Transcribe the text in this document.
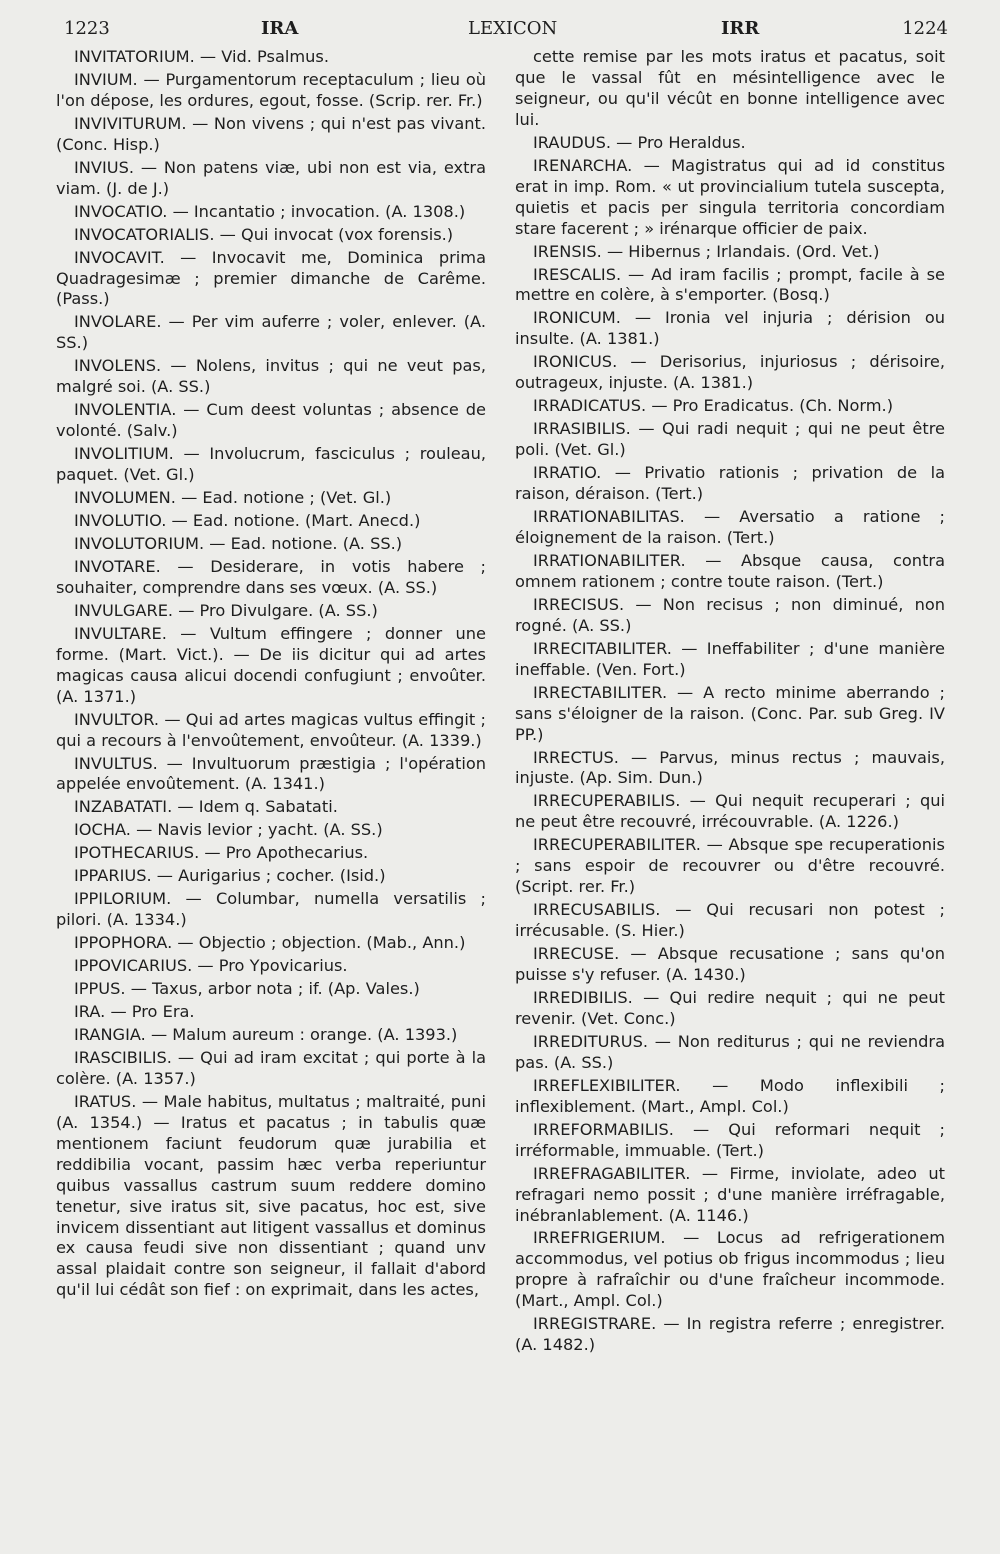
1223	IRA	LEXICON	IRR	1224

INVITATORIUM. — Vid. Psalmus.

INVIUM. — Purgamentorum receptaculum ; lieu où l'on dépose, les ordures, egout, fosse. (Scrip. rer. Fr.)

INVIVITURUM. — Non vivens ; qui n'est pas vivant. (Conc. Hisp.)

INVIUS. — Non patens viæ, ubi non est via, extra viam. (J. de J.)

INVOCATIO. — Incantatio ; invocation. (A. 1308.)

INVOCATORIALIS. — Qui invocat (vox forensis.)

INVOCAVIT. — Invocavit me, Dominica prima Quadragesimæ ; premier dimanche de Carême. (Pass.)

INVOLARE. — Per vim auferre ; voler, enlever. (A. SS.)

INVOLENS. — Nolens, invitus ; qui ne veut pas, malgré soi. (A. SS.)

INVOLENTIA. — Cum deest voluntas ; absence de volonté. (Salv.)

INVOLITIUM. — Involucrum, fasciculus ; rouleau, paquet. (Vet. Gl.)

INVOLUMEN. — Ead. notione ; (Vet. Gl.)

INVOLUTIO. — Ead. notione. (Mart. Anecd.)

INVOLUTORIUM. — Ead. notione. (A. SS.)

INVOTARE. — Desiderare, in votis habere ; souhaiter, comprendre dans ses vœux. (A. SS.)

INVULGARE. — Pro Divulgare. (A. SS.)

INVULTARE. — Vultum effingere ; donner une forme. (Mart. Vict.). — De iis dicitur qui ad artes magicas causa alicui docendi confugiunt ; envoûter. (A. 1371.)

INVULTOR. — Qui ad artes magicas vultus effingit ; qui a recours à l'envoûtement, envoûteur. (A. 1339.)

INVULTUS. — Invultuorum præstigia ; l'opération appelée envoûtement. (A. 1341.)

INZABATATI. — Idem q. Sabatati.

IOCHA. — Navis levior ; yacht. (A. SS.)

IPOTHECARIUS. — Pro Apothecarius.

IPPARIUS. — Aurigarius ; cocher. (Isid.)

IPPILORIUM. — Columbar, numella versatilis ; pilori. (A. 1334.)

IPPOPHORA. — Objectio ; objection. (Mab., Ann.)

IPPOVICARIUS. — Pro Ypovicarius.

IPPUS. — Taxus, arbor nota ; if. (Ap. Vales.)

IRA. — Pro Era.

IRANGIA. — Malum aureum : orange. (A. 1393.)

IRASCIBILIS. — Qui ad iram excitat ; qui porte à la colère. (A. 1357.)

IRATUS. — Male habitus, multatus ; maltraité, puni (A. 1354.) — Iratus et pacatus ; in tabulis quæ mentionem faciunt feudorum quæ jurabilia et reddibilia vocant, passim hæc verba reperiuntur quibus vassallus castrum suum reddere domino tenetur, sive iratus sit, sive pacatus, hoc est, sive invicem dissentiant aut litigent vassallus et dominus ex causa feudi sive non dissentiant ; quand unv assal plaidait contre son seigneur, il fallait d'abord qu'il lui cédât son fief : on exprimait, dans les actes,

cette remise par les mots iratus et pacatus, soit que le vassal fût en mésintelligence avec le seigneur, ou qu'il vécût en bonne intelligence avec lui.

IRAUDUS. — Pro Heraldus.

IRENARCHA. — Magistratus qui ad id constitus erat in imp. Rom. « ut provincialium tutela suscepta, quietis et pacis per singula territoria concordiam stare facerent ; » irénarque officier de paix.

IRENSIS. — Hibernus ; Irlandais. (Ord. Vet.)

IRESCALIS. — Ad iram facilis ; prompt, facile à se mettre en colère, à s'emporter. (Bosq.)

IRONICUM. — Ironia vel injuria ; dérision ou insulte. (A. 1381.)

IRONICUS. — Derisorius, injuriosus ; dérisoire, outrageux, injuste. (A. 1381.)

IRRADICATUS. — Pro Eradicatus. (Ch. Norm.)

IRRASIBILIS. — Qui radi nequit ; qui ne peut être poli. (Vet. Gl.)

IRRATIO. — Privatio rationis ; privation de la raison, déraison. (Tert.)

IRRATIONABILITAS. — Aversatio a ratione ; éloignement de la raison. (Tert.)

IRRATIONABILITER. — Absque causa, contra omnem rationem ; contre toute raison. (Tert.)

IRRECISUS. — Non recisus ; non diminué, non rogné. (A. SS.)

IRRECITABILITER. — Ineffabiliter ; d'une manière ineffable. (Ven. Fort.)

IRRECTABILITER. — A recto minime aberrando ; sans s'éloigner de la raison. (Conc. Par. sub Greg. IV PP.)

IRRECTUS. — Parvus, minus rectus ; mauvais, injuste. (Ap. Sim. Dun.)

IRRECUPERABILIS. — Qui nequit recuperari ; qui ne peut être recouvré, irrécouvrable. (A. 1226.)

IRRECUPERABILITER. — Absque spe recuperationis ; sans espoir de recouvrer ou d'être recouvré. (Script. rer. Fr.)

IRRECUSABILIS. — Qui recusari non potest ; irrécusable. (S. Hier.)

IRRECUSE. — Absque recusatione ; sans qu'on puisse s'y refuser. (A. 1430.)

IRREDIBILIS. — Qui redire nequit ; qui ne peut revenir. (Vet. Conc.)

IRREDITURUS. — Non rediturus ; qui ne reviendra pas. (A. SS.)

IRREFLEXIBILITER. — Modo inflexibili ; inflexiblement. (Mart., Ampl. Col.)

IRREFORMABILIS. — Qui reformari nequit ; irréformable, immuable. (Tert.)

IRREFRAGABILITER. — Firme, inviolate, adeo ut refragari nemo possit ; d'une manière irréfragable, inébranlablement. (A. 1146.)

IRREFRIGERIUM. — Locus ad refrigerationem accommodus, vel potius ob frigus incommodus ; lieu propre à rafraîchir ou d'une fraîcheur incommode. (Mart., Ampl. Col.)

IRREGISTRARE. — In registra referre ; enregistrer. (A. 1482.)
